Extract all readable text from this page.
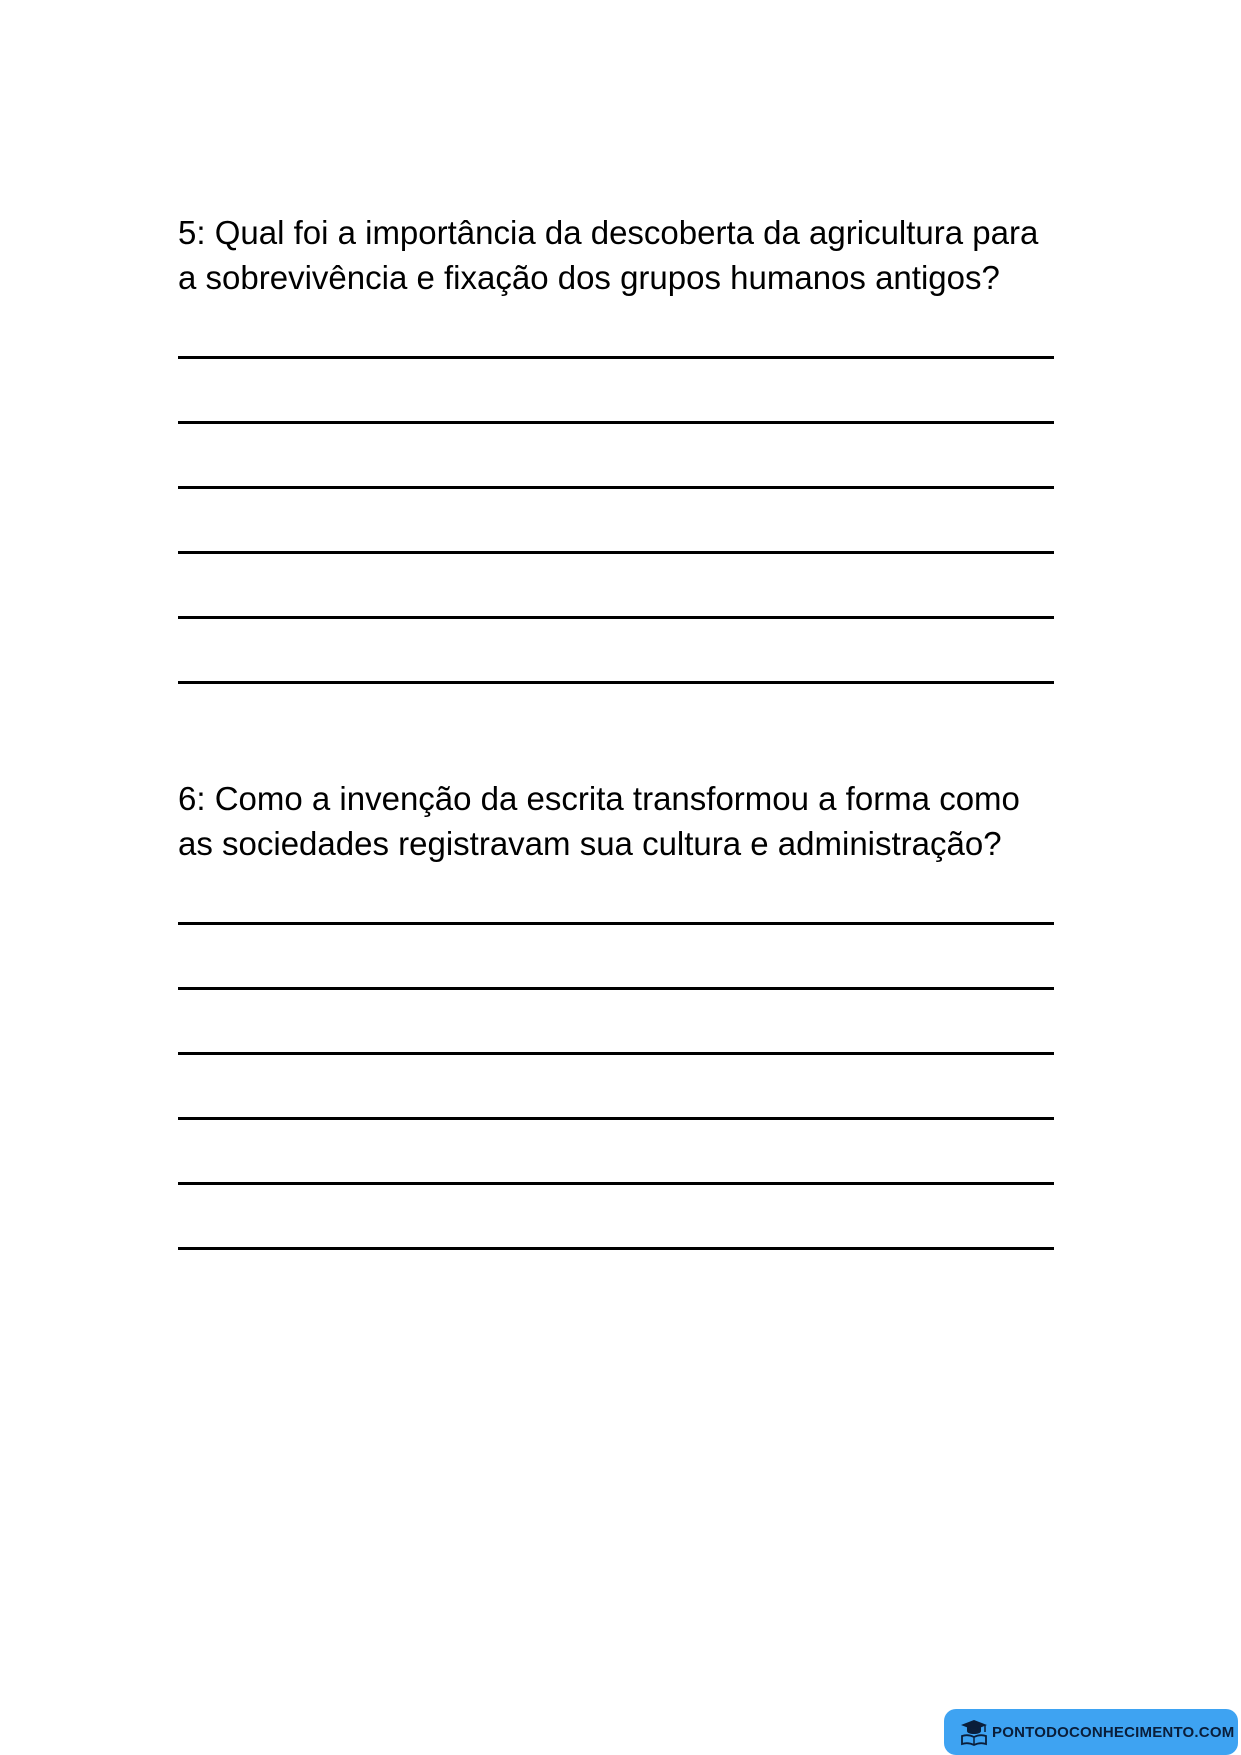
5: Qual foi a importância da descoberta da agricultura para
a sobrevivência e fixação dos grupos humanos antigos?
6: Como a invenção da escrita transformou a forma como
as sociedades registravam sua cultura e administração?
PONTODOCONHECIMENTO.COM
